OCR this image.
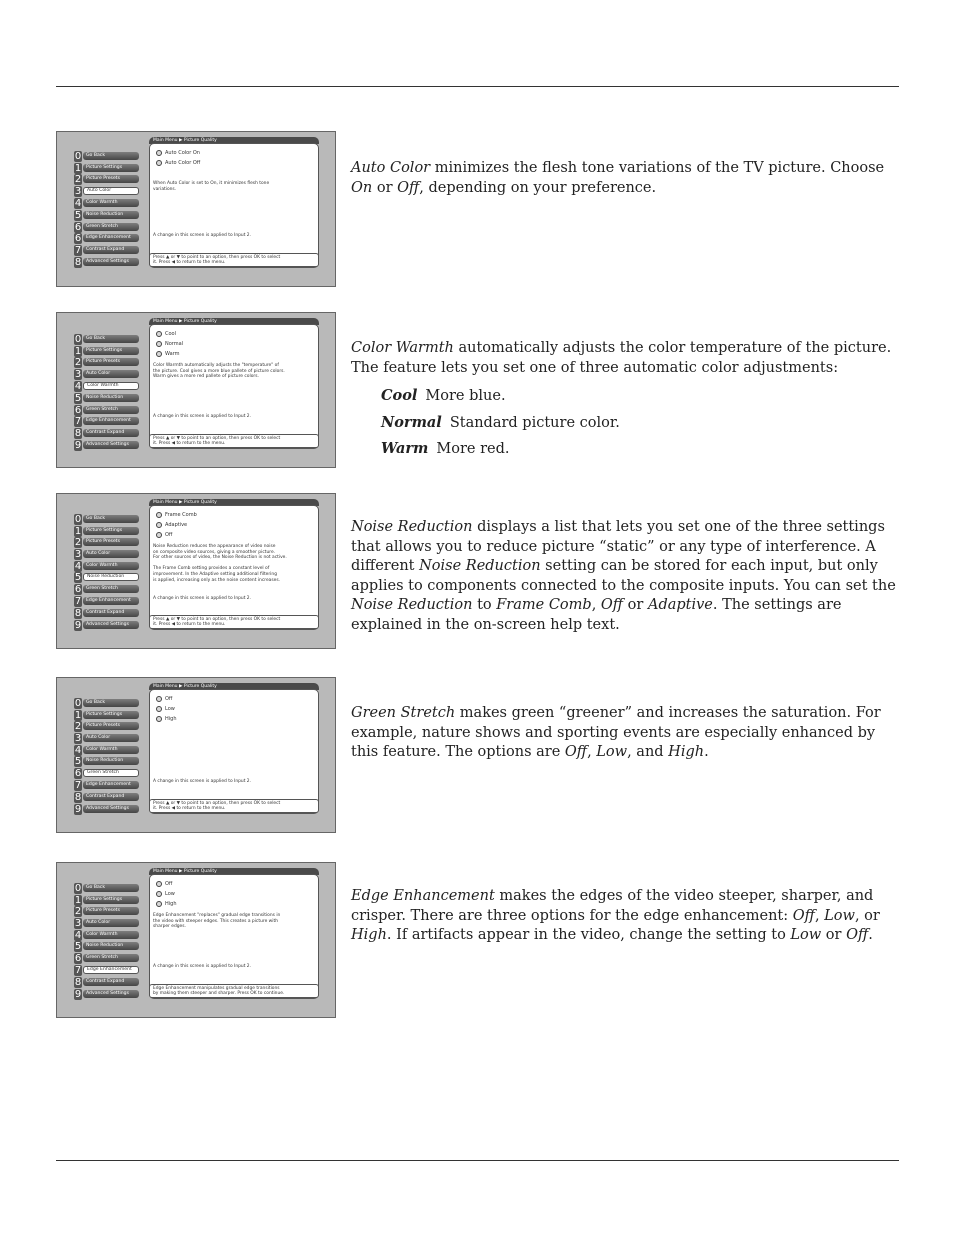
Main Menu ▶ Picture Quality
0	Go Back
1	Picture Settings
2	Picture Presets
3	Auto Color
4	Color Warmth
5	Noise Reduction
6	Green Stretch
6	Edge Enhancement
7	Contrast Expand
8	Advanced Settings
Auto Color On
Auto Color Off
When Auto Color is set to On, it minimizes flesh tone
variations.
A change in this screen is applied to Input 2.
Press ▲ or ▼ to point to an option, then press OK to select
it. Press ◀ to return to the menu.
Main Menu ▶ Picture Quality
0	Go Back
1	Picture Settings
2	Picture Presets
3	Auto Color
4	Color Warmth
5	Noise Reduction
6	Green Stretch
7	Edge Enhancement
8	Contrast Expand
9	Advanced Settings
Cool
Normal
Warm
Color Warmth automatically adjusts the "temperature" of
the picture. Cool gives a more blue pallete of picture colors.
Warm gives a more red pallete of picture colors.
A change in this screen is applied to Input 2.
Press ▲ or ▼ to point to an option, then press OK to select
it. Press ◀ to return to the menu.
Main Menu ▶ Picture Quality
0	Go Back
1	Picture Settings
2	Picture Presets
3	Auto Color
4	Color Warmth
5	Noise Reduction
6	Green Stretch
7	Edge Enhancement
8	Contrast Expand
9	Advanced Settings
Frame Comb
Adaptive
Off
Noise Reduction reduces the appearance of video noise
on composite video sources, giving a smoother picture.
For other sources of video, the Noise Reduction is not active.

The Frame Comb setting provides a constant level of
improvement. In the Adaptive setting additional filtering
is applied, increasing only as the noise content increases.
A change in this screen is applied to Input 2.
Press ▲ or ▼ to point to an option, then press OK to select
it. Press ◀ to return to the menu.
Main Menu ▶ Picture Quality
0	Go Back
1	Picture Settings
2	Picture Presets
3	Auto Color
4	Color Warmth
5	Noise Reduction
6	Green Stretch
7	Edge Enhancement
8	Contrast Expand
9	Advanced Settings
Off
Low
High
A change in this screen is applied to Input 2.
Press ▲ or ▼ to point to an option, then press OK to select
it. Press ◀ to return to the menu.
Main Menu ▶ Picture Quality
0	Go Back
1	Picture Settings
2	Picture Presets
3	Auto Color
4	Color Warmth
5	Noise Reduction
6	Green Stretch
7	Edge Enhancement
8	Contrast Expand
9	Advanced Settings
Off
Low
High
Edge Enhancement "replaces" gradual edge transitions in
the video with steeper edges. This creates a picture with
sharper edges.
A change in this screen is applied to Input 2.
Edge Enhancement manipulates gradual edge transitions
by making them steeper and sharper. Press OK to continue.

Auto Color minimizes the flesh tone variations of the TV picture. Choose On or Off, depending on your preference.

Color Warmth automatically adjusts the color temperature of the picture. The feature lets you set one of three automatic color adjustments:

Cool More blue.
Normal Standard picture color.
Warm More red.

Noise Reduction displays a list that lets you set one of the three settings that allows you to reduce picture “static” or any type of interference. A different Noise Reduction setting can be stored for each input, but only applies to components connected to the composite inputs. You can set the Noise Reduction to Frame Comb, Off or Adaptive. The settings are explained in the on-screen help text.

Green Stretch makes green “greener” and increases the saturation. For example, nature shows and sporting events are especially enhanced by this feature. The options are Off, Low, and High.

Edge Enhancement makes the edges of the video steeper, sharper, and crisper. There are three options for the edge enhancement: Off, Low, or High. If artifacts appear in the video, change the setting to Low or Off.
